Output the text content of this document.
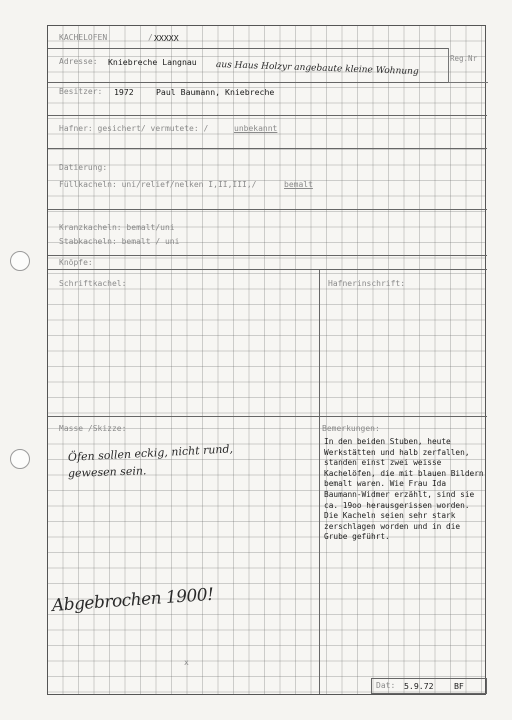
KACHELOFEN	/ XXXXX
Reg.Nr
Adresse: Kniebreche Langnau aus Haus Holzyr angebaute kleine Wohnung
Besitzer: 1972	Paul Baumann, Kniebreche
Hafner: gesichert/ vermutete: /	unbekannt
Datierung:
Füllkacheln: uni/relief/nelken I,II,III,/	bemalt
Kranzkacheln: bemalt/uni
Stabkacheln: bemalt / uni
Knöpfe:
Schriftkachel:	Hafnerinschrift:
Masse /Skizze:
Öfen sollen eckig, nicht rund,
gewesen sein.
Abgebrochen 1900!
x
Bemerkungen:
In den beiden Stuben, heute Werkstätten und halb zerfallen, standen einst zwei weisse Kachelöfen, die mit blauen Bildern bemalt waren. Wie Frau Ida Baumann-Widmer erzählt, sind sie ca. 19oo herausgerissen worden. Die Kacheln seien sehr stark zerschlagen worden und in die Grube geführt.
Dat: 5.9.72 BF
